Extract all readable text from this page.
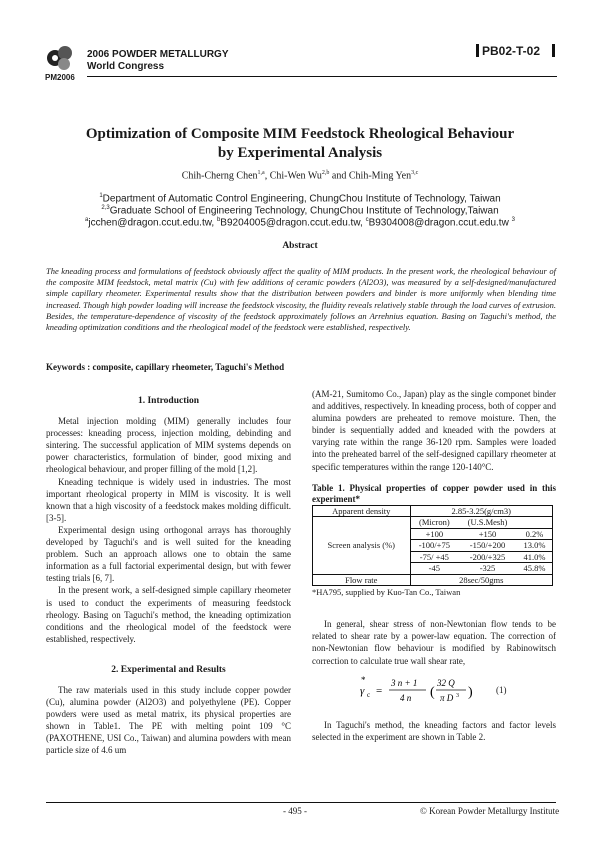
PM2006
2006 POWDER METALLURGY
World Congress
PB02-T-02
Optimization of Composite MIM Feedstock Rheological Behaviour
by Experimental Analysis
Chih-Cherng Chen$^{1,a}$, Chi-Wen Wu$^{2,b}$ and Chih-Ming Yen$^{3,c}$
$^1$Department of Automatic Control Engineering, ChungChou Institute of Technology, Taiwan
$^{2,3}$Graduate School of Engineering Technology, ChungChou Institute of Technology,Taiwan
$^a$jcchen@dragon.ccut.edu.tw, $^b$B9204005@dragon.ccut.edu.tw, $^c$B9304008@dragon.ccut.edu.tw $^3$
Abstract
The kneading process and formulations of feedstock obviously affect the quality of MIM products. In the present work, the rheological behaviour of the composite MIM feedstock, metal matrix (Cu) with few additions of ceramic powders (Al2O3), was measured by a self-designed/manufactured simple capillary rheometer. Experimental results show that the distribution between powders and binder is more uniformly when blending time increased. Though high powder loading will increase the feedstock viscosity, the fluidity reveals relatively stable through the load curves of extrusion. Besides, the temperature-dependence of viscosity of the feedstock approximately follows an Arrehnius equation. Basing on Taguchi's method, the kneading optimization conditions and the rheological model of the feedstock were established, respectively.
Keywords : composite, capillary rheometer, Taguchi's Method
1. Introduction

Metal injection molding (MIM) generally includes four processes: kneading process, injection molding, debinding and sintering. The successful application of MIM systems depends on power characteristics, formulation of binder, good mixing and rheological behaviour, and proper filling of the mold [1,2].

Kneading technique is widely used in industries. The most important rheological property in MIM is viscosity. It is well known that a high viscosity of a feedstock makes molding difficult. [3-5].

Experimental design using orthogonal arrays has thoroughly developed by Taguchi's and is well suited for the kneading problem. Such an approach allows one to obtain the same information as a full factorial experimental design, but with fewer testing trials [6, 7].

In the present work, a self-designed simple capillary rheometer is used to conduct the experiments of measuring feedstock rheology. Basing on Taguchi's method, the kneading optimization conditions and the rheological model of the feedstock were established, respectively.

2. Experimental and Results

The raw materials used in this study include copper powder (Cu), alumina powder (Al2O3) and polyethylene (PE). Copper powders were used as metal matrix, its physical properties are shown in Table1. The PE with melting point 109 °C (PAXOTHENE, USI Co., Taiwan) and alumina powders with mean particle size of 4.6 um

(AM-21, Sumitomo Co., Japan) play as the single componet binder and additives, respectively. In kneading process, both of copper and alumina powders are preheated to remove moisture. Then, the binder is sequentially added and kneaded with the powders at varying rate within the range 36-120 rpm. Samples were loaded into the preheated barrel of the self-designed capillary rheometer at specific temperatures within the range 120-140°C.

Table 1. Physical properties of copper powder used in this experiment*
Apparent density	2.85-3.25(g/cm3)		
Screen analysis (%)	(Micron)	(U.S.Mesh)	
	+100	+150	0.2%
	-100/+75	-150/+200	13.0%
	-75/ +45	-200/+325	41.0%
	-45	-325	45.8%
Flow rate	28sec/50gms		
*HA795, supplied by Kuo-Tan Co., Taiwan

In general, shear stress of non-Newtonian flow tends to be related to shear rate by a power-law equation. The correction of non-Newtonian flow behaviour is modified by Rabinowitsch correction to calculate true wall shear rate,

γ
*
c =
3 n + 1
4 n (
32 Q
π D 3 )	(1)

In Taguchi's method, the kneading factors and factor levels selected in the experiment are shown in Table 2.

- 495 -	© Korean Powder Metallurgy Institute
